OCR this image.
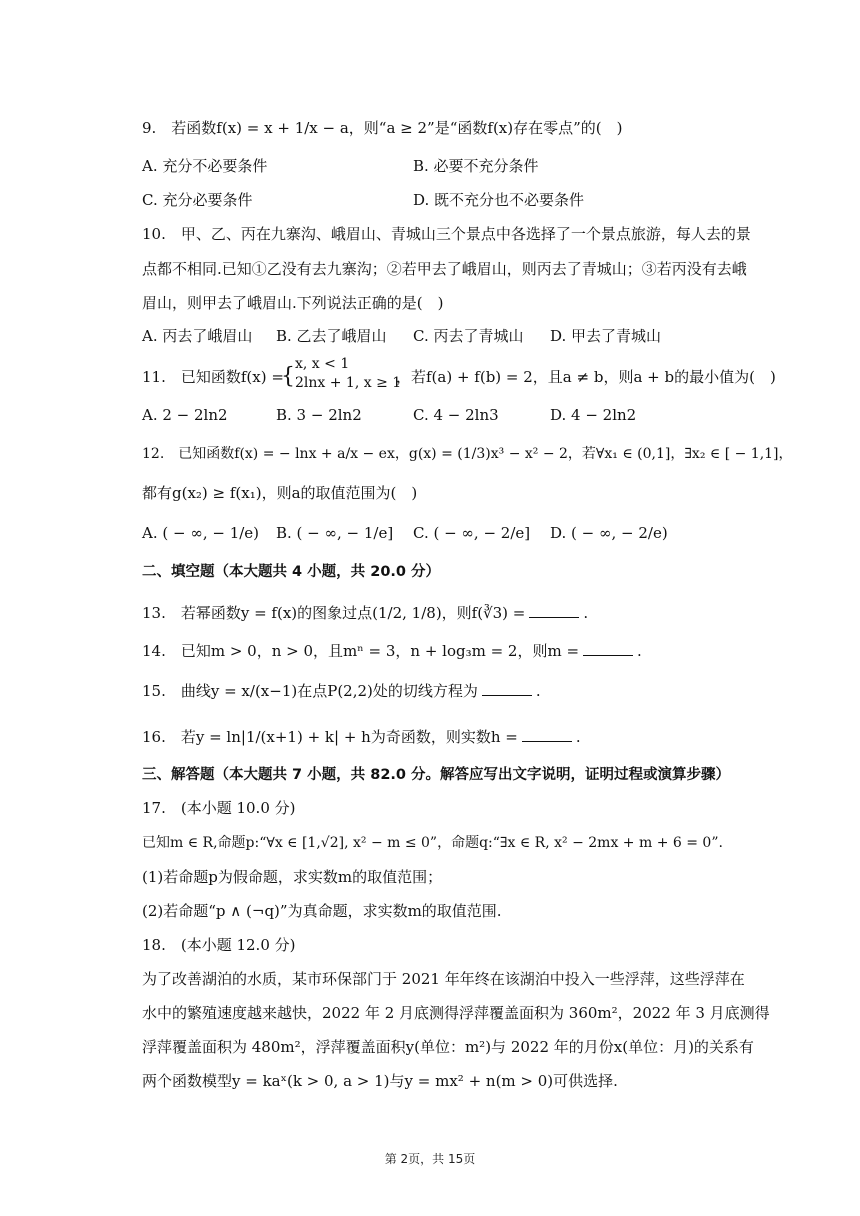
9.　若函数f(x) = x + 1/x − a，则“a ≥ 2”是“函数f(x)存在零点”的(　)
A. 充分不必要条件	B. 必要不充分条件
C. 充分必要条件	D. 既不充分也不必要条件
10.　甲、乙、丙在九寨沟、峨眉山、青城山三个景点中各选择了一个景点旅游，每人去的景
点都不相同.已知①乙没有去九寨沟；②若甲去了峨眉山，则丙去了青城山；③若丙没有去峨
眉山，则甲去了峨眉山.下列说法正确的是(　)
A. 丙去了峨眉山 B. 乙去了峨眉山 C. 丙去了青城山 D. 甲去了青城山
11.　已知函数f(x) =
{ x, x < 1
2lnx + 1, x ≥ 1
，若f(a) + f(b) = 2，且a ≠ b，则a + b的最小值为(　)
A. 2 − 2ln2	B. 3 − 2ln2	C. 4 − 2ln3	D. 4 − 2ln2
12.　已知函数f(x) = − lnx + a/x − ex，g(x) = (1/3)x³ − x² − 2，若∀x₁ ∈ (0,1]，∃x₂ ∈ [ − 1,1]，
都有g(x₂) ≥ f(x₁)，则a的取值范围为(　)
A. ( − ∞, − 1/e) B. ( − ∞, − 1/e] C. ( − ∞, − 2/e] D. ( − ∞, − 2/e)
二、填空题（本大题共 4 小题，共 20.0 分）
13.　若幂函数y = f(x)的图象过点(1/2, 1/8)，则f(∛3) =	.
14.　已知m > 0，n > 0，且mⁿ = 3，n + log₃m = 2，则m =	.
15.　曲线y = x/(x−1)在点P(2,2)处的切线方程为	.
16.　若y = ln|1/(x+1) + k| + h为奇函数，则实数h =	.
三、解答题（本大题共 7 小题，共 82.0 分。解答应写出文字说明，证明过程或演算步骤）
17.　(本小题 10.0 分)
已知m ∈ R,命题p:“∀x ∈ [1,√2], x² − m ≤ 0”，命题q:“∃x ∈ R, x² − 2mx + m + 6 = 0”.
(1)若命题p为假命题，求实数m的取值范围；
(2)若命题“p ∧ (¬q)”为真命题，求实数m的取值范围.
18.　(本小题 12.0 分)
为了改善湖泊的水质，某市环保部门于 2021 年年终在该湖泊中投入一些浮萍，这些浮萍在
水中的繁殖速度越来越快，2022 年 2 月底测得浮萍覆盖面积为 360m²，2022 年 3 月底测得
浮萍覆盖面积为 480m²，浮萍覆盖面积y(单位：m²)与 2022 年的月份x(单位：月)的关系有
两个函数模型y = kaˣ(k > 0, a > 1)与y = mx² + n(m > 0)可供选择.
第 2页，共 15页
